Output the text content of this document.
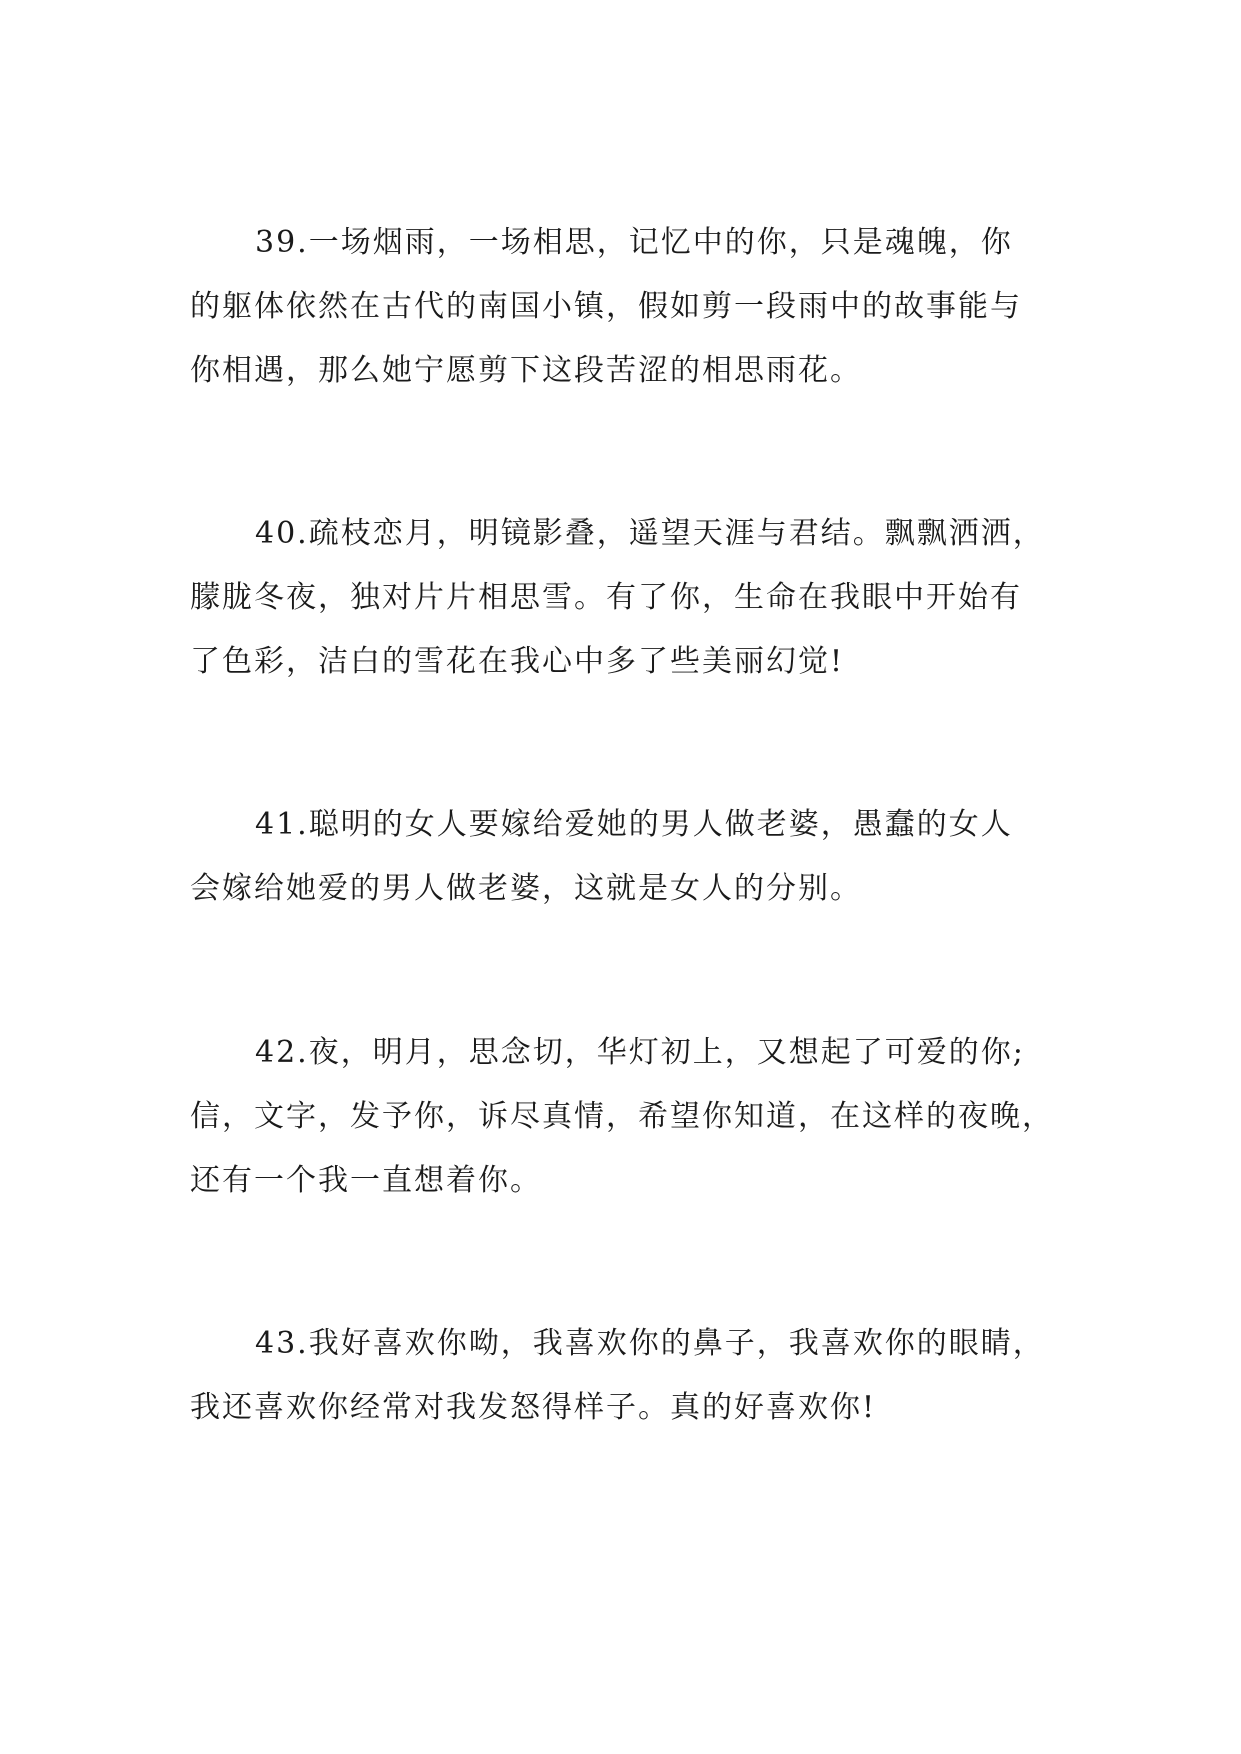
39.一场烟雨，一场相思，记忆中的你，只是魂魄，你
的躯体依然在古代的南国小镇，假如剪一段雨中的故事能与
你相遇，那么她宁愿剪下这段苦涩的相思雨花。

40.疏枝恋月，明镜影叠，遥望天涯与君结。飘飘洒洒，
朦胧冬夜，独对片片相思雪。有了你，生命在我眼中开始有
了色彩，洁白的雪花在我心中多了些美丽幻觉!

41.聪明的女人要嫁给爱她的男人做老婆，愚蠢的女人
会嫁给她爱的男人做老婆，这就是女人的分别。

42.夜，明月，思念切，华灯初上，又想起了可爱的你;
信，文字，发予你，诉尽真情，希望你知道，在这样的夜晚，
还有一个我一直想着你。

43.我好喜欢你呦，我喜欢你的鼻子，我喜欢你的眼睛，
我还喜欢你经常对我发怒得样子。真的好喜欢你!
